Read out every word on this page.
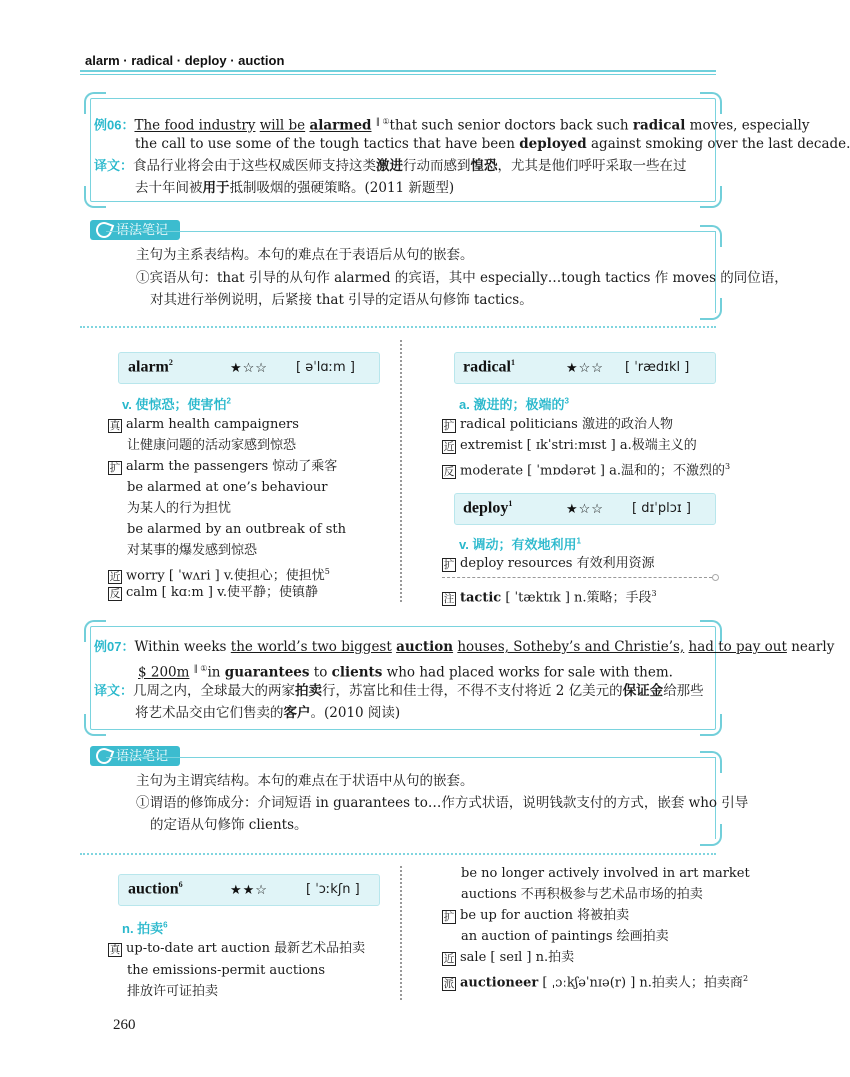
alarm · radical · deploy · auction
例06：The food industry will be alarmed ‖ ①that such senior doctors back such radical moves, especially
the call to use some of the tough tactics that have been deployed against smoking over the last decade.
译文：食品行业将会由于这些权威医师支持这类激进行动而感到惶恐，尤其是他们呼吁采取一些在过
去十年间被用于抵制吸烟的强硬策略。(2011 新题型)
语法笔记
主句为主系表结构。本句的难点在于表语后从句的嵌套。
①宾语从句：that 引导的从句作 alarmed 的宾语，其中 especially…tough tactics 作 moves 的同位语，
对其进行举例说明，后紧接 that 引导的定语从句修饰 tactics。
alarm$^2$	★☆☆ [ əˈlɑːm ]
v. 使惊恐；使害怕$^2$
真 alarm health campaigners
让健康问题的活动家感到惊恐
扩 alarm the passengers 惊动了乘客
be alarmed at one’s behaviour
为某人的行为担忧
be alarmed by an outbreak of sth
对某事的爆发感到惊恐
近 worry [ ˈwʌri ] v.使担心；使担忧$^5$
反 calm [ kɑːm ] v.使平静；使镇静
radical$^1$	★☆☆ [ ˈrædɪkl ]
a. 激进的；极端的$^3$
扩 radical politicians 激进的政治人物
近 extremist [ ɪkˈstriːmɪst ] a.极端主义的
反 moderate [ ˈmɒdərət ] a.温和的；不激烈的$^3$
deploy$^1$	★☆☆ [ dɪˈplɔɪ ]
v. 调动；有效地利用$^1$
扩 deploy resources 有效利用资源
注 tactic [ ˈtæktɪk ] n.策略；手段$^3$
例07：Within weeks the world’s two biggest auction houses, Sotheby’s and Christie’s, had to pay out nearly
$ 200m ‖ ①in guarantees to clients who had placed works for sale with them.
译文：几周之内，全球最大的两家拍卖行，苏富比和佳士得，不得不支付将近 2 亿美元的保证金给那些
将艺术品交由它们售卖的客户。(2010 阅读)
语法笔记
主句为主谓宾结构。本句的难点在于状语中从句的嵌套。
①谓语的修饰成分：介词短语 in guarantees to…作方式状语，说明钱款支付的方式，嵌套 who 引导
的定语从句修饰 clients。
auction$^6$	★★☆	[ ˈɔːkʃn ]
n. 拍卖$^6$
真 up-to-date art auction 最新艺术品拍卖
the emissions-permit auctions
排放许可证拍卖
be no longer actively involved in art market
auctions 不再积极参与艺术品市场的拍卖
扩 be up for auction 将被拍卖
an auction of paintings 绘画拍卖
近 sale [ seɪl ] n.拍卖
派 auctioneer [ ˌɔːkʃəˈnɪə(r) ] n.拍卖人；拍卖商$^2$
260
